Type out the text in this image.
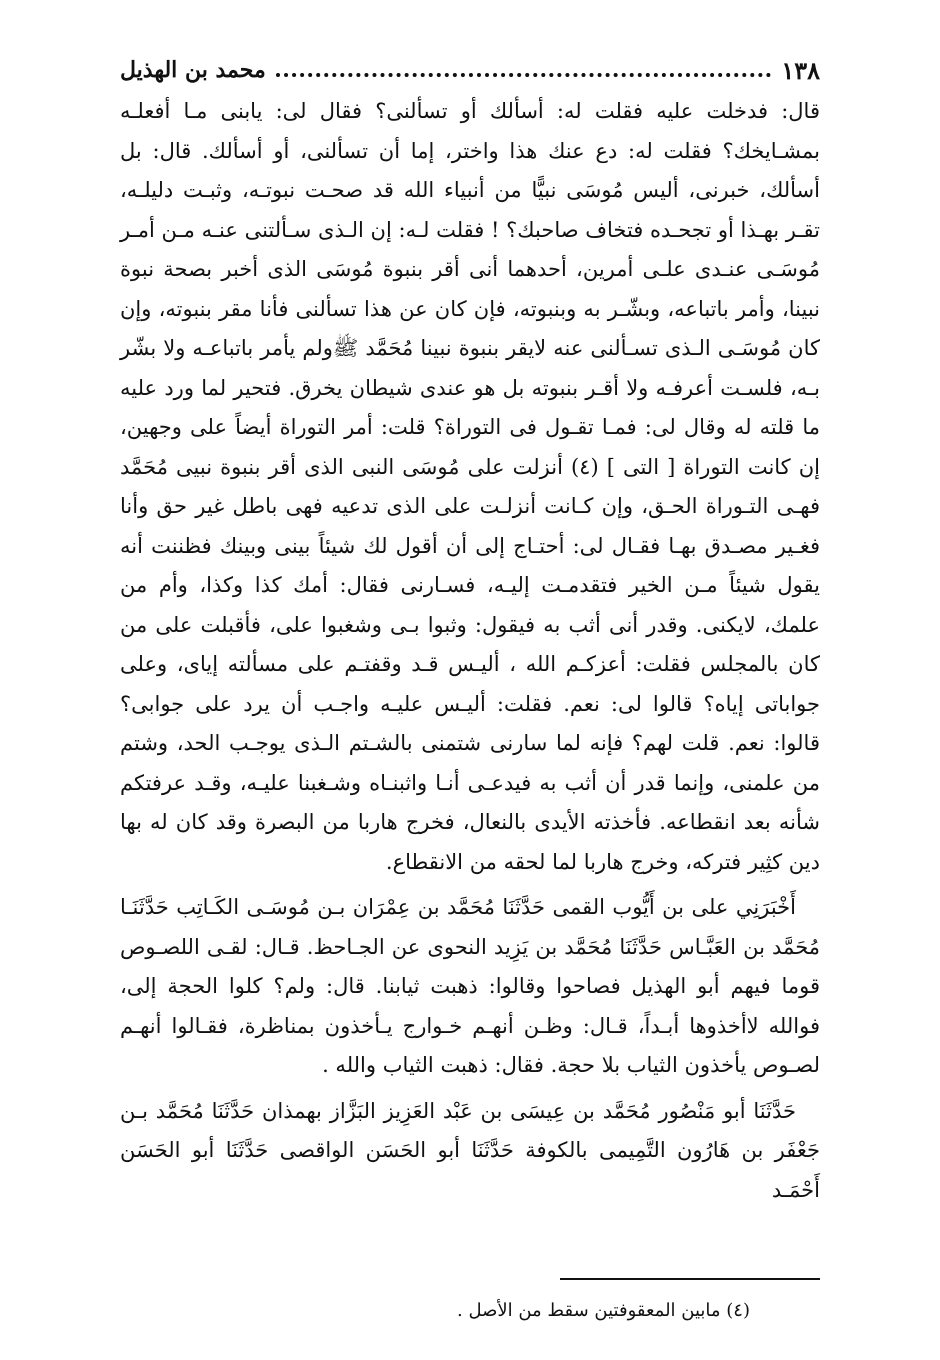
١٣٨
محمد بن الهذيل

قال: فدخلت عليه فقلت له: أسألك أو تسألنى؟ فقال لى: يابنى مـا أفعلـه بمشـايخك؟ فقلت له: دع عنك هذا واختر، إما أن تسألنى، أو أسألك. قال: بل أسألك، خبرنى، أليس مُوسَى نبيًّا من أنبياء الله قد صحـت نبوتـه، وثبـت دليلـه، تقـر بهـذا أو تجحـده فتخاف صاحبك؟ ! فقلت لـه: إن الـذى سـألتنى عنـه مـن أمـر مُوسَـى عنـدى علـى أمرين، أحدهما أنى أقر بنبوة مُوسَى الذى أخبر بصحة نبوة نبينا، وأمر باتباعه، وبشّـر به وبنبوته، فإن كان عن هذا تسألنى فأنا مقر بنبوته، وإن كان مُوسَـى الـذى تسـألنى عنه لايقر بنبوة نبينا مُحَمَّد ﷺولم يأمر باتباعـه ولا بشّر بـه، فلسـت أعرفـه ولا أقـر بنبوته بل هو عندى شيطان يخرق. فتحير لما ورد عليه ما قلته له وقال لى: فمـا تقـول فى التوراة؟ قلت: أمر التوراة أيضاً على وجهين، إن كانت التوراة [ التى ] (٤) أنزلت على مُوسَى النبى الذى أقر بنبوة نبيى مُحَمَّد فهـى التـوراة الحـق، وإن كـانت أنزلـت على الذى تدعيه فهى باطل غير حق وأنا فغـير مصـدق بهـا فقـال لى: أحتـاج إلى أن أقول لك شيئاً بينى وبينك فظننت أنه يقول شيئاً مـن الخير فتقدمـت إليـه، فسـارنى فقال: أمك كذا وكذا، وأم من علمك، لايكنى. وقدر أنى أثب به فيقول: وثبوا بـى وشغبوا على، فأقبلت على من كان بالمجلس فقلت: أعزكـم الله ، أليـس قـد وقفتـم على مسألته إياى، وعلى جواباتى إياه؟ قالوا لى: نعم. فقلت: أليـس عليـه واجـب أن يرد على جوابى؟ قالوا: نعم. قلت لهم؟ فإنه لما سارنى شتمنى بالشـتم الـذى يوجـب الحد، وشتم من علمنى، وإنما قدر أن أثب به فيدعـى أنـا واثبنـاه وشـغبنا عليـه، وقـد عرفتكم شأنه بعد انقطاعه. فأخذته الأيدى بالنعال، فخرج هاربا من البصرة وقد كان له بها دين كثِير فتركه، وخرج هاربا لما لحقه من الانقطاع.

أَخْبَرَنِي على بن أَيُّوب القمى حَدَّثَنَا مُحَمَّد بن عِمْرَان بـن مُوسَـى الكَـاتِب حَدَّثَنَـا مُحَمَّد بن العَبَّـاس حَدَّثَنَا مُحَمَّد بن يَزِيد النحوى عن الجـاحظ. قـال: لقـى اللصـوص قوما فيهم أبو الهذيل فصاحوا وقالوا: ذهبت ثيابنا. قال: ولم؟ كلوا الحجة إلى، فوالله لاأخذوها أبـداً، قـال: وظـن أنهـم خـوارج يـأخذون بمناظرة، فقـالوا أنهـم لصـوص يأخذون الثياب بلا حجة. فقال: ذهبت الثياب والله .

حَدَّثَنَا أبو مَنْصُور مُحَمَّد بن عِيسَى بن عَبْد العَزِيز البَزَّاز بهمذان حَدَّثَنَا مُحَمَّد بـن جَعْفَر بن هَارُون التَّمِيمى بالكوفة حَدَّثَنَا أبو الحَسَن الواقصى حَدَّثَنَا أبو الحَسَن أَحْمَـد

(٤) مابين المعقوفتين سقط من الأصل .
